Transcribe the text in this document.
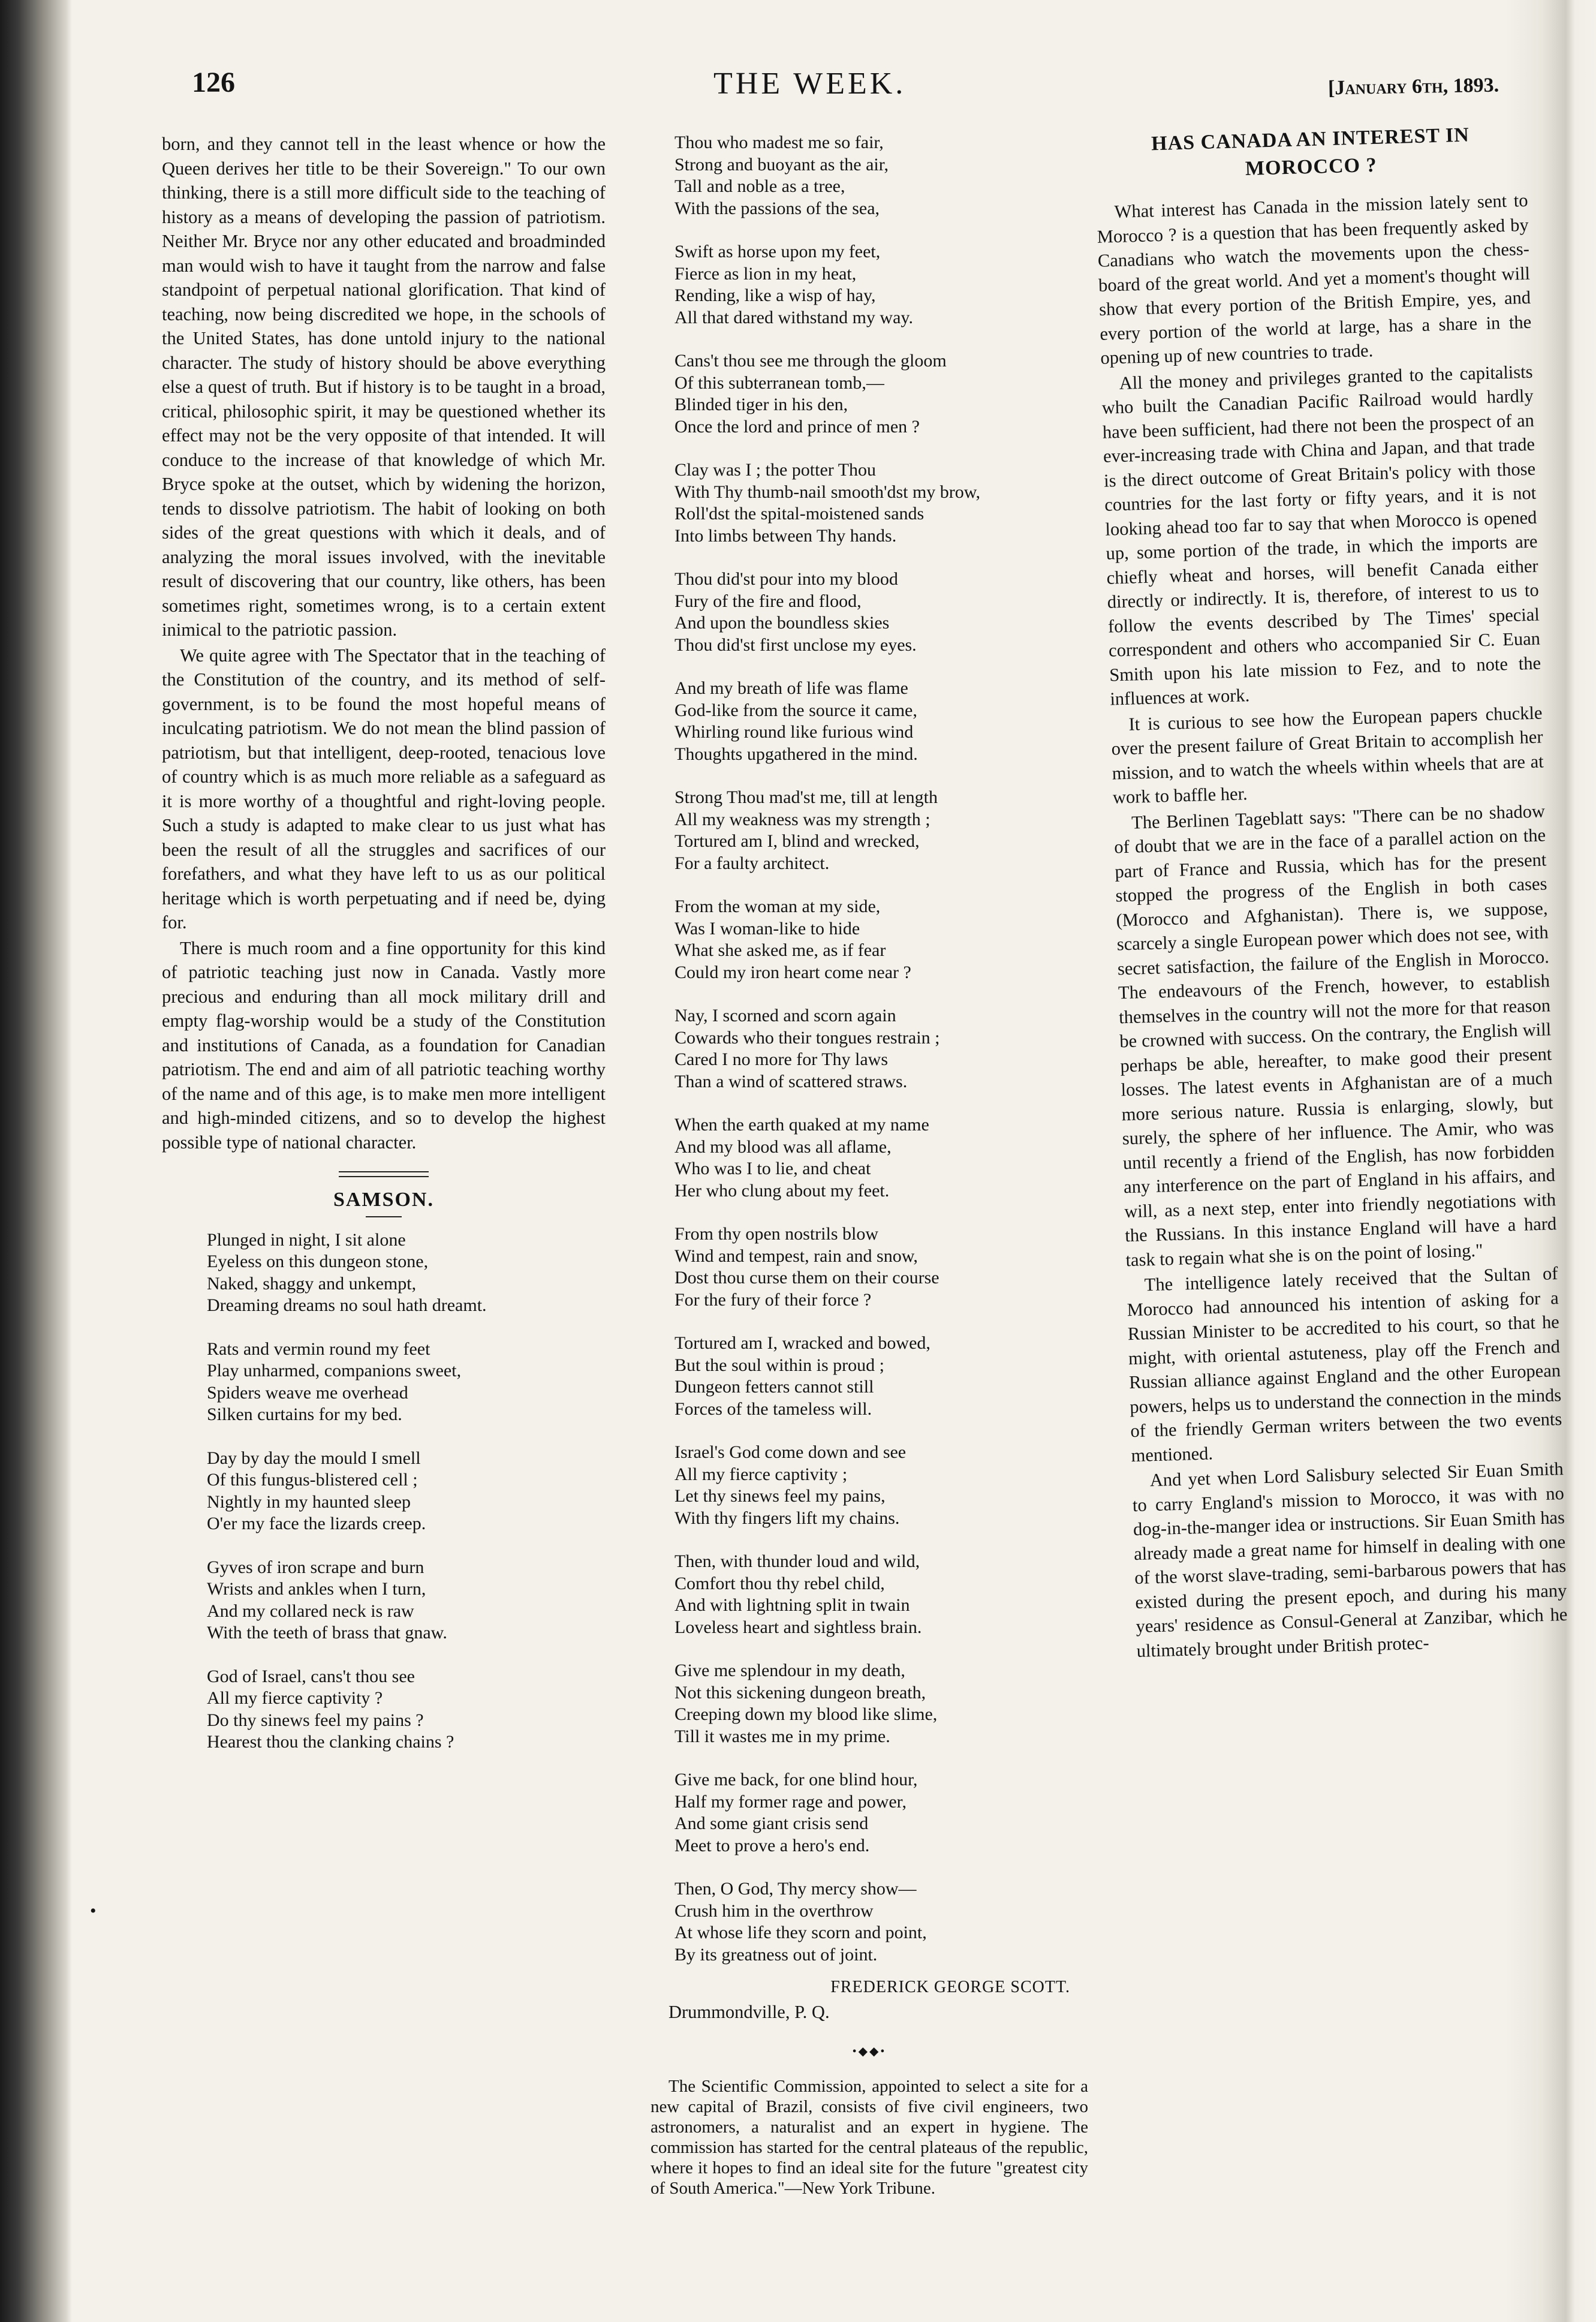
126	THE WEEK.	[January 6th, 1893.
•

born, and they cannot tell in the least whence or how the Queen derives her title to be their Sovereign." To our own thinking, there is a still more difficult side to the teaching of history as a means of developing the passion of patriotism. Neither Mr. Bryce nor any other educated and broadminded man would wish to have it taught from the narrow and false standpoint of perpetual national glorification. That kind of teaching, now being discredited we hope, in the schools of the United States, has done untold injury to the national character. The study of history should be above everything else a quest of truth. But if history is to be taught in a broad, critical, philosophic spirit, it may be questioned whether its effect may not be the very opposite of that intended. It will conduce to the increase of that knowledge of which Mr. Bryce spoke at the outset, which by widening the horizon, tends to dissolve patriotism. The habit of looking on both sides of the great questions with which it deals, and of analyzing the moral issues involved, with the inevitable result of discovering that our country, like others, has been sometimes right, sometimes wrong, is to a certain extent inimical to the patriotic passion.

We quite agree with The Spectator that in the teaching of the Constitution of the country, and its method of self-government, is to be found the most hopeful means of inculcating patriotism. We do not mean the blind passion of patriotism, but that intelligent, deep-rooted, tenacious love of country which is as much more reliable as a safeguard as it is more worthy of a thoughtful and right-loving people. Such a study is adapted to make clear to us just what has been the result of all the struggles and sacrifices of our forefathers, and what they have left to us as our political heritage which is worth perpetuating and if need be, dying for.

There is much room and a fine opportunity for this kind of patriotic teaching just now in Canada. Vastly more precious and enduring than all mock military drill and empty flag-worship would be a study of the Constitution and institutions of Canada, as a foundation for Canadian patriotism. The end and aim of all patriotic teaching worthy of the name and of this age, is to make men more intelligent and high-minded citizens, and so to develop the highest possible type of national character.

SAMSON.
Plunged in night, I sit alone
Eyeless on this dungeon stone,
Naked, shaggy and unkempt,
Dreaming dreams no soul hath dreamt.
Rats and vermin round my feet
Play unharmed, companions sweet,
Spiders weave me overhead
Silken curtains for my bed.
Day by day the mould I smell
Of this fungus-blistered cell ;
Nightly in my haunted sleep
O'er my face the lizards creep.
Gyves of iron scrape and burn
Wrists and ankles when I turn,
And my collared neck is raw
With the teeth of brass that gnaw.
God of Israel, cans't thou see
All my fierce captivity ?
Do thy sinews feel my pains ?
Hearest thou the clanking chains ?
Thou who madest me so fair,
Strong and buoyant as the air,
Tall and noble as a tree,
With the passions of the sea,
Swift as horse upon my feet,
Fierce as lion in my heat,
Rending, like a wisp of hay,
All that dared withstand my way.
Cans't thou see me through the gloom
Of this subterranean tomb,—
Blinded tiger in his den,
Once the lord and prince of men ?
Clay was I ; the potter Thou
With Thy thumb-nail smooth'dst my brow,
Roll'dst the spital-moistened sands
Into limbs between Thy hands.
Thou did'st pour into my blood
Fury of the fire and flood,
And upon the boundless skies
Thou did'st first unclose my eyes.
And my breath of life was flame
God-like from the source it came,
Whirling round like furious wind
Thoughts upgathered in the mind.
Strong Thou mad'st me, till at length
All my weakness was my strength ;
Tortured am I, blind and wrecked,
For a faulty architect.
From the woman at my side,
Was I woman-like to hide
What she asked me, as if fear
Could my iron heart come near ?
Nay, I scorned and scorn again
Cowards who their tongues restrain ;
Cared I no more for Thy laws
Than a wind of scattered straws.
When the earth quaked at my name
And my blood was all aflame,
Who was I to lie, and cheat
Her who clung about my feet.
From thy open nostrils blow
Wind and tempest, rain and snow,
Dost thou curse them on their course
For the fury of their force ?
Tortured am I, wracked and bowed,
But the soul within is proud ;
Dungeon fetters cannot still
Forces of the tameless will.
Israel's God come down and see
All my fierce captivity ;
Let thy sinews feel my pains,
With thy fingers lift my chains.
Then, with thunder loud and wild,
Comfort thou thy rebel child,
And with lightning split in twain
Loveless heart and sightless brain.
Give me splendour in my death,
Not this sickening dungeon breath,
Creeping down my blood like slime,
Till it wastes me in my prime.
Give me back, for one blind hour,
Half my former rage and power,
And some giant crisis send
Meet to prove a hero's end.
Then, O God, Thy mercy show—
Crush him in the overthrow
At whose life they scorn and point,
By its greatness out of joint.
FREDERICK GEORGE SCOTT.

Drummondville, P. Q.

•◆◆•

The Scientific Commission, appointed to select a site for a new capital of Brazil, consists of five civil engineers, two astronomers, a naturalist and an expert in hygiene. The commission has started for the central plateaus of the republic, where it hopes to find an ideal site for the future "greatest city of South America."—New York Tribune.

HAS CANADA AN INTEREST IN MOROCCO ?

What interest has Canada in the mission lately sent to Morocco ? is a question that has been frequently asked by Canadians who watch the movements upon the chess-board of the great world. And yet a moment's thought will show that every portion of the British Empire, yes, and every portion of the world at large, has a share in the opening up of new countries to trade.

All the money and privileges granted to the capitalists who built the Canadian Pacific Railroad would hardly have been sufficient, had there not been the prospect of an ever-increasing trade with China and Japan, and that trade is the direct outcome of Great Britain's policy with those countries for the last forty or fifty years, and it is not looking ahead too far to say that when Morocco is opened up, some portion of the trade, in which the imports are chiefly wheat and horses, will benefit Canada either directly or indirectly. It is, therefore, of interest to us to follow the events described by The Times' special correspondent and others who accompanied Sir C. Euan Smith upon his late mission to Fez, and to note the influences at work.

It is curious to see how the European papers chuckle over the present failure of Great Britain to accomplish her mission, and to watch the wheels within wheels that are at work to baffle her.

The Berlinen Tageblatt says: "There can be no shadow of doubt that we are in the face of a parallel action on the part of France and Russia, which has for the present stopped the progress of the English in both cases (Morocco and Afghanistan). There is, we suppose, scarcely a single European power which does not see, with secret satisfaction, the failure of the English in Morocco. The endeavours of the French, however, to establish themselves in the country will not the more for that reason be crowned with success. On the contrary, the English will perhaps be able, hereafter, to make good their present losses. The latest events in Afghanistan are of a much more serious nature. Russia is enlarging, slowly, but surely, the sphere of her influence. The Amir, who was until recently a friend of the English, has now forbidden any interference on the part of England in his affairs, and will, as a next step, enter into friendly negotiations with the Russians. In this instance England will have a hard task to regain what she is on the point of losing."

The intelligence lately received that the Sultan of Morocco had announced his intention of asking for a Russian Minister to be accredited to his court, so that he might, with oriental astuteness, play off the French and Russian alliance against England and the other European powers, helps us to understand the connection in the minds of the friendly German writers between the two events mentioned.

And yet when Lord Salisbury selected Sir Euan Smith to carry England's mission to Morocco, it was with no dog-in-the-manger idea or instructions. Sir Euan Smith has already made a great name for himself in dealing with one of the worst slave-trading, semi-barbarous powers that has existed during the present epoch, and during his many years' residence as Consul-General at Zanzibar, which he ultimately brought under British protec-
